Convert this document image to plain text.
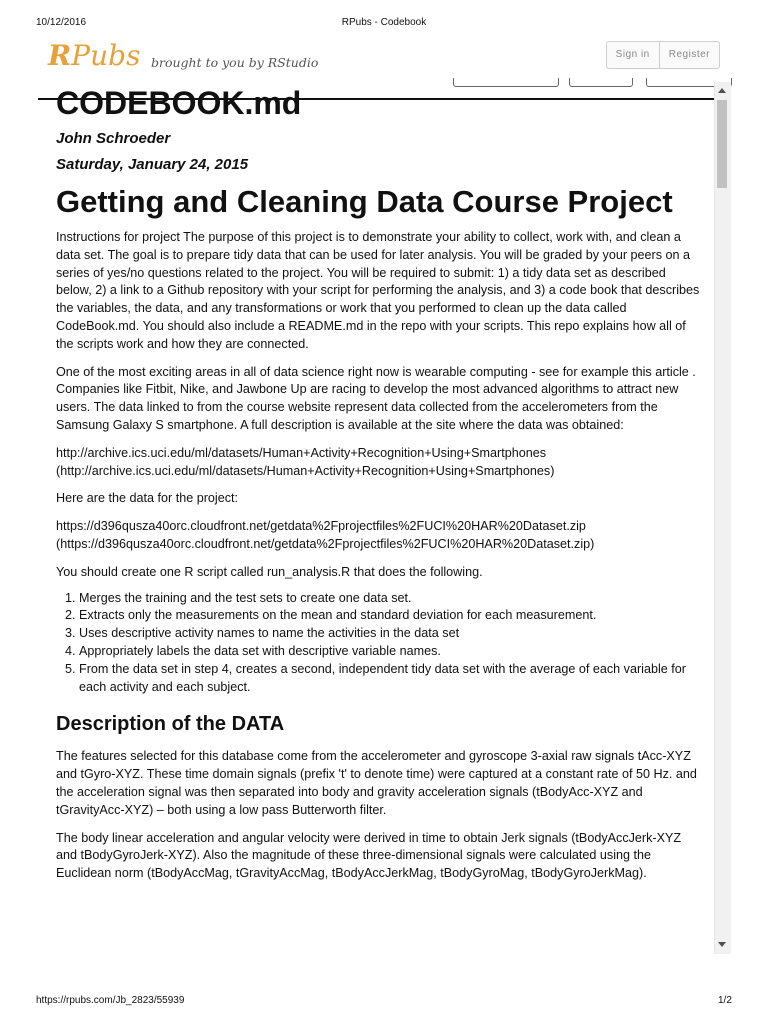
10/12/2016	RPubs - Codebook
RPubs brought to you by RStudio
Sign in	Register
CODEBOOK.md
John Schroeder
Saturday, January 24, 2015
Getting and Cleaning Data Course Project

Instructions for project The purpose of this project is to demonstrate your ability to collect, work with, and clean a data set. The goal is to prepare tidy data that can be used for later analysis. You will be graded by your peers on a series of yes/no questions related to the project. You will be required to submit: 1) a tidy data set as described below, 2) a link to a Github repository with your script for performing the analysis, and 3) a code book that describes the variables, the data, and any transformations or work that you performed to clean up the data called CodeBook.md. You should also include a README.md in the repo with your scripts. This repo explains how all of the scripts work and how they are connected.

One of the most exciting areas in all of data science right now is wearable computing - see for example this article . Companies like Fitbit, Nike, and Jawbone Up are racing to develop the most advanced algorithms to attract new users. The data linked to from the course website represent data collected from the accelerometers from the Samsung Galaxy S smartphone. A full description is available at the site where the data was obtained:

http://archive.ics.uci.edu/ml/datasets/Human+Activity+Recognition+Using+Smartphones (http://archive.ics.uci.edu/ml/datasets/Human+Activity+Recognition+Using+Smartphones)

Here are the data for the project:

https://d396qusza40orc.cloudfront.net/getdata%2Fprojectfiles%2FUCI%20HAR%20Dataset.zip (https://d396qusza40orc.cloudfront.net/getdata%2Fprojectfiles%2FUCI%20HAR%20Dataset.zip)

You should create one R script called run_analysis.R that does the following.

1. Merges the training and the test sets to create one data set.
2. Extracts only the measurements on the mean and standard deviation for each measurement.
3. Uses descriptive activity names to name the activities in the data set
4. Appropriately labels the data set with descriptive variable names.
5. From the data set in step 4, creates a second, independent tidy data set with the average of each variable for each activity and each subject.
Description of the DATA

The features selected for this database come from the accelerometer and gyroscope 3-axial raw signals tAcc-XYZ and tGyro-XYZ. These time domain signals (prefix 't' to denote time) were captured at a constant rate of 50 Hz. and the acceleration signal was then separated into body and gravity acceleration signals (tBodyAcc-XYZ and tGravityAcc-XYZ) – both using a low pass Butterworth filter.

The body linear acceleration and angular velocity were derived in time to obtain Jerk signals (tBodyAccJerk-XYZ and tBodyGyroJerk-XYZ). Also the magnitude of these three-dimensional signals were calculated using the Euclidean norm (tBodyAccMag, tGravityAccMag, tBodyAccJerkMag, tBodyGyroMag, tBodyGyroJerkMag).

https://rpubs.com/Jb_2823/55939	1/2
